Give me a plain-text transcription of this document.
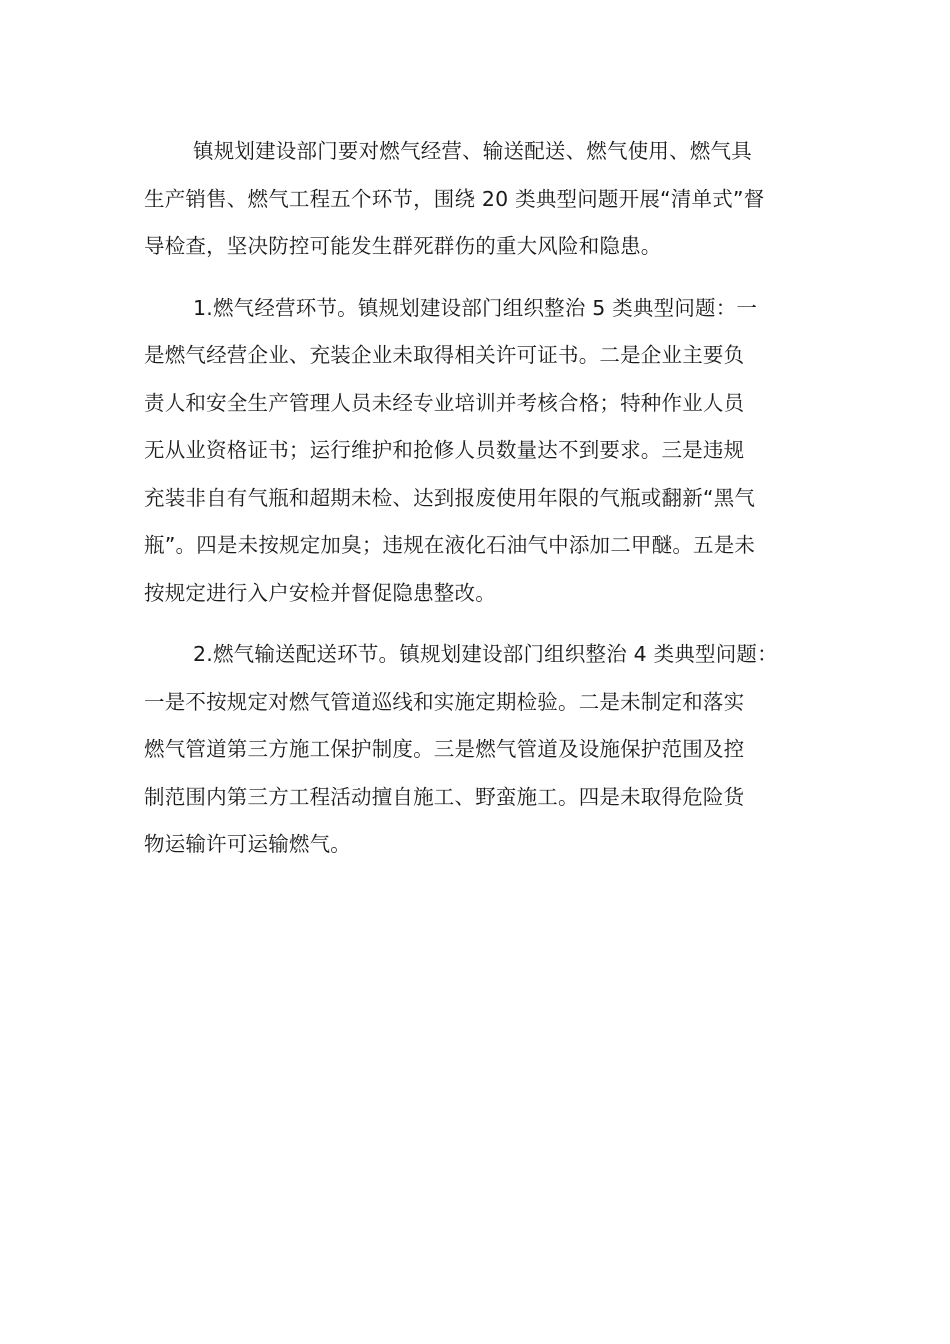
镇规划建设部门要对燃气经营、输送配送、燃气使用、燃气具
生产销售、燃气工程五个环节，围绕 20 类典型问题开展“清单式”督
导检查，坚决防控可能发生群死群伤的重大风险和隐患。

1.燃气经营环节。镇规划建设部门组织整治 5 类典型问题：一
是燃气经营企业、充装企业未取得相关许可证书。二是企业主要负
责人和安全生产管理人员未经专业培训并考核合格；特种作业人员
无从业资格证书；运行维护和抢修人员数量达不到要求。三是违规
充装非自有气瓶和超期未检、达到报废使用年限的气瓶或翻新“黑气
瓶”。四是未按规定加臭；违规在液化石油气中添加二甲醚。五是未
按规定进行入户安检并督促隐患整改。

2.燃气输送配送环节。镇规划建设部门组织整治 4 类典型问题：
一是不按规定对燃气管道巡线和实施定期检验。二是未制定和落实
燃气管道第三方施工保护制度。三是燃气管道及设施保护范围及控
制范围内第三方工程活动擅自施工、野蛮施工。四是未取得危险货
物运输许可运输燃气。
